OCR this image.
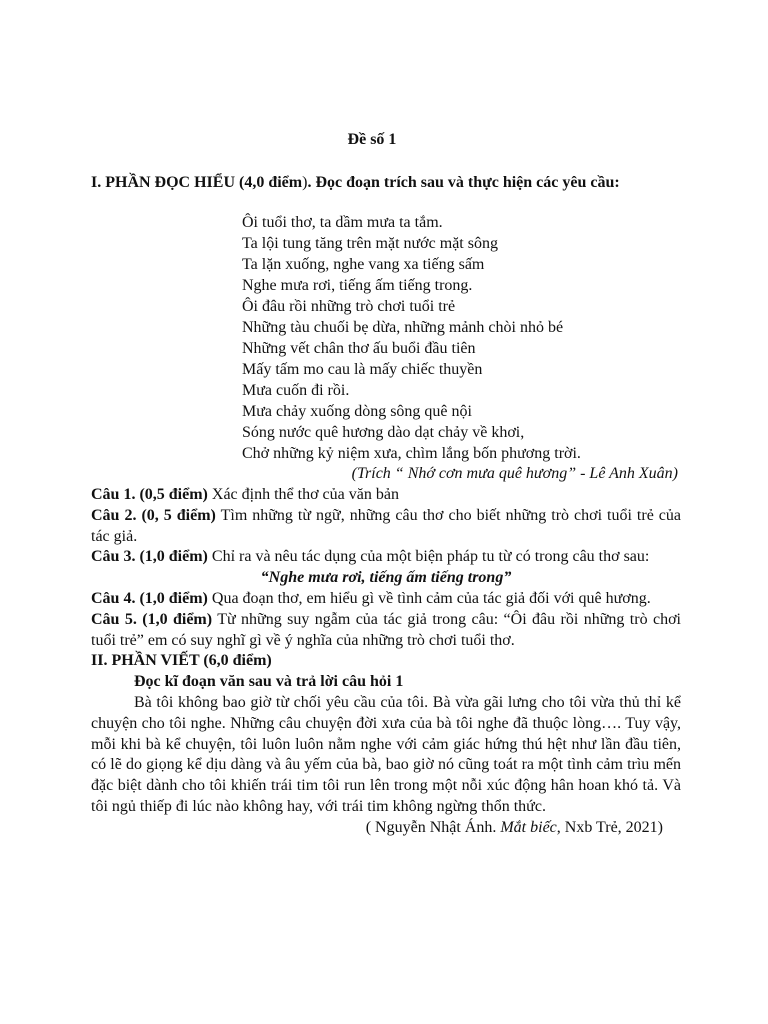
Đề số 1
I. PHẦN ĐỌC HIỂU (4,0 điểm). Đọc đoạn trích sau và thực hiện các yêu cầu:
Ôi tuổi thơ, ta dầm mưa ta tắm.
Ta lội tung tăng trên mặt nước mặt sông
Ta lặn xuống, nghe vang xa tiếng sấm
Nghe mưa rơi, tiếng ấm tiếng trong.
Ôi đâu rồi những trò chơi tuổi trẻ
Những tàu chuối bẹ dừa, những mảnh chòi nhỏ bé
Những vết chân thơ ấu buổi đầu tiên
Mấy tấm mo cau là mấy chiếc thuyền
Mưa cuốn đi rồi.
Mưa chảy xuống dòng sông quê nội
Sóng nước quê hương dào dạt chảy về khơi,
Chở những kỷ niệm xưa, chìm lắng bốn phương trời.
(Trích “ Nhớ cơn mưa quê hương” - Lê Anh Xuân)
Câu 1. (0,5 điểm) Xác định thể thơ của văn bản
Câu 2. (0, 5 điểm) Tìm những từ ngữ, những câu thơ cho biết những trò chơi tuổi trẻ của tác giả.
Câu 3. (1,0 điểm) Chỉ ra và nêu tác dụng của một biện pháp tu từ có trong câu thơ sau:
“Nghe mưa rơi, tiếng ấm tiếng trong”
Câu 4. (1,0 điểm) Qua đoạn thơ, em hiểu gì về tình cảm của tác giả đối với quê hương.
Câu 5. (1,0 điểm) Từ những suy ngẫm của tác giả trong câu: “Ôi đâu rồi những trò chơi tuổi trẻ” em có suy nghĩ gì về ý nghĩa của những trò chơi tuổi thơ.
II. PHẦN VIẾT (6,0 điểm)
Đọc kĩ đoạn văn sau và trả lời câu hỏi 1
Bà tôi không bao giờ từ chối yêu cầu của tôi. Bà vừa gãi lưng cho tôi vừa thủ thỉ kể chuyện cho tôi nghe. Những câu chuyện đời xưa của bà tôi nghe đã thuộc lòng…. Tuy vậy, mỗi khi bà kể chuyện, tôi luôn luôn nằm nghe với cảm giác hứng thú hệt như lần đầu tiên, có lẽ do giọng kể dịu dàng và âu yếm của bà, bao giờ nó cũng toát ra một tình cảm trìu mến đặc biệt dành cho tôi khiến trái tim tôi run lên trong một nỗi xúc động hân hoan khó tả. Và tôi ngủ thiếp đi lúc nào không hay, với trái tim không ngừng thổn thức.
( Nguyễn Nhật Ánh. Mắt biếc, Nxb Trẻ, 2021)
